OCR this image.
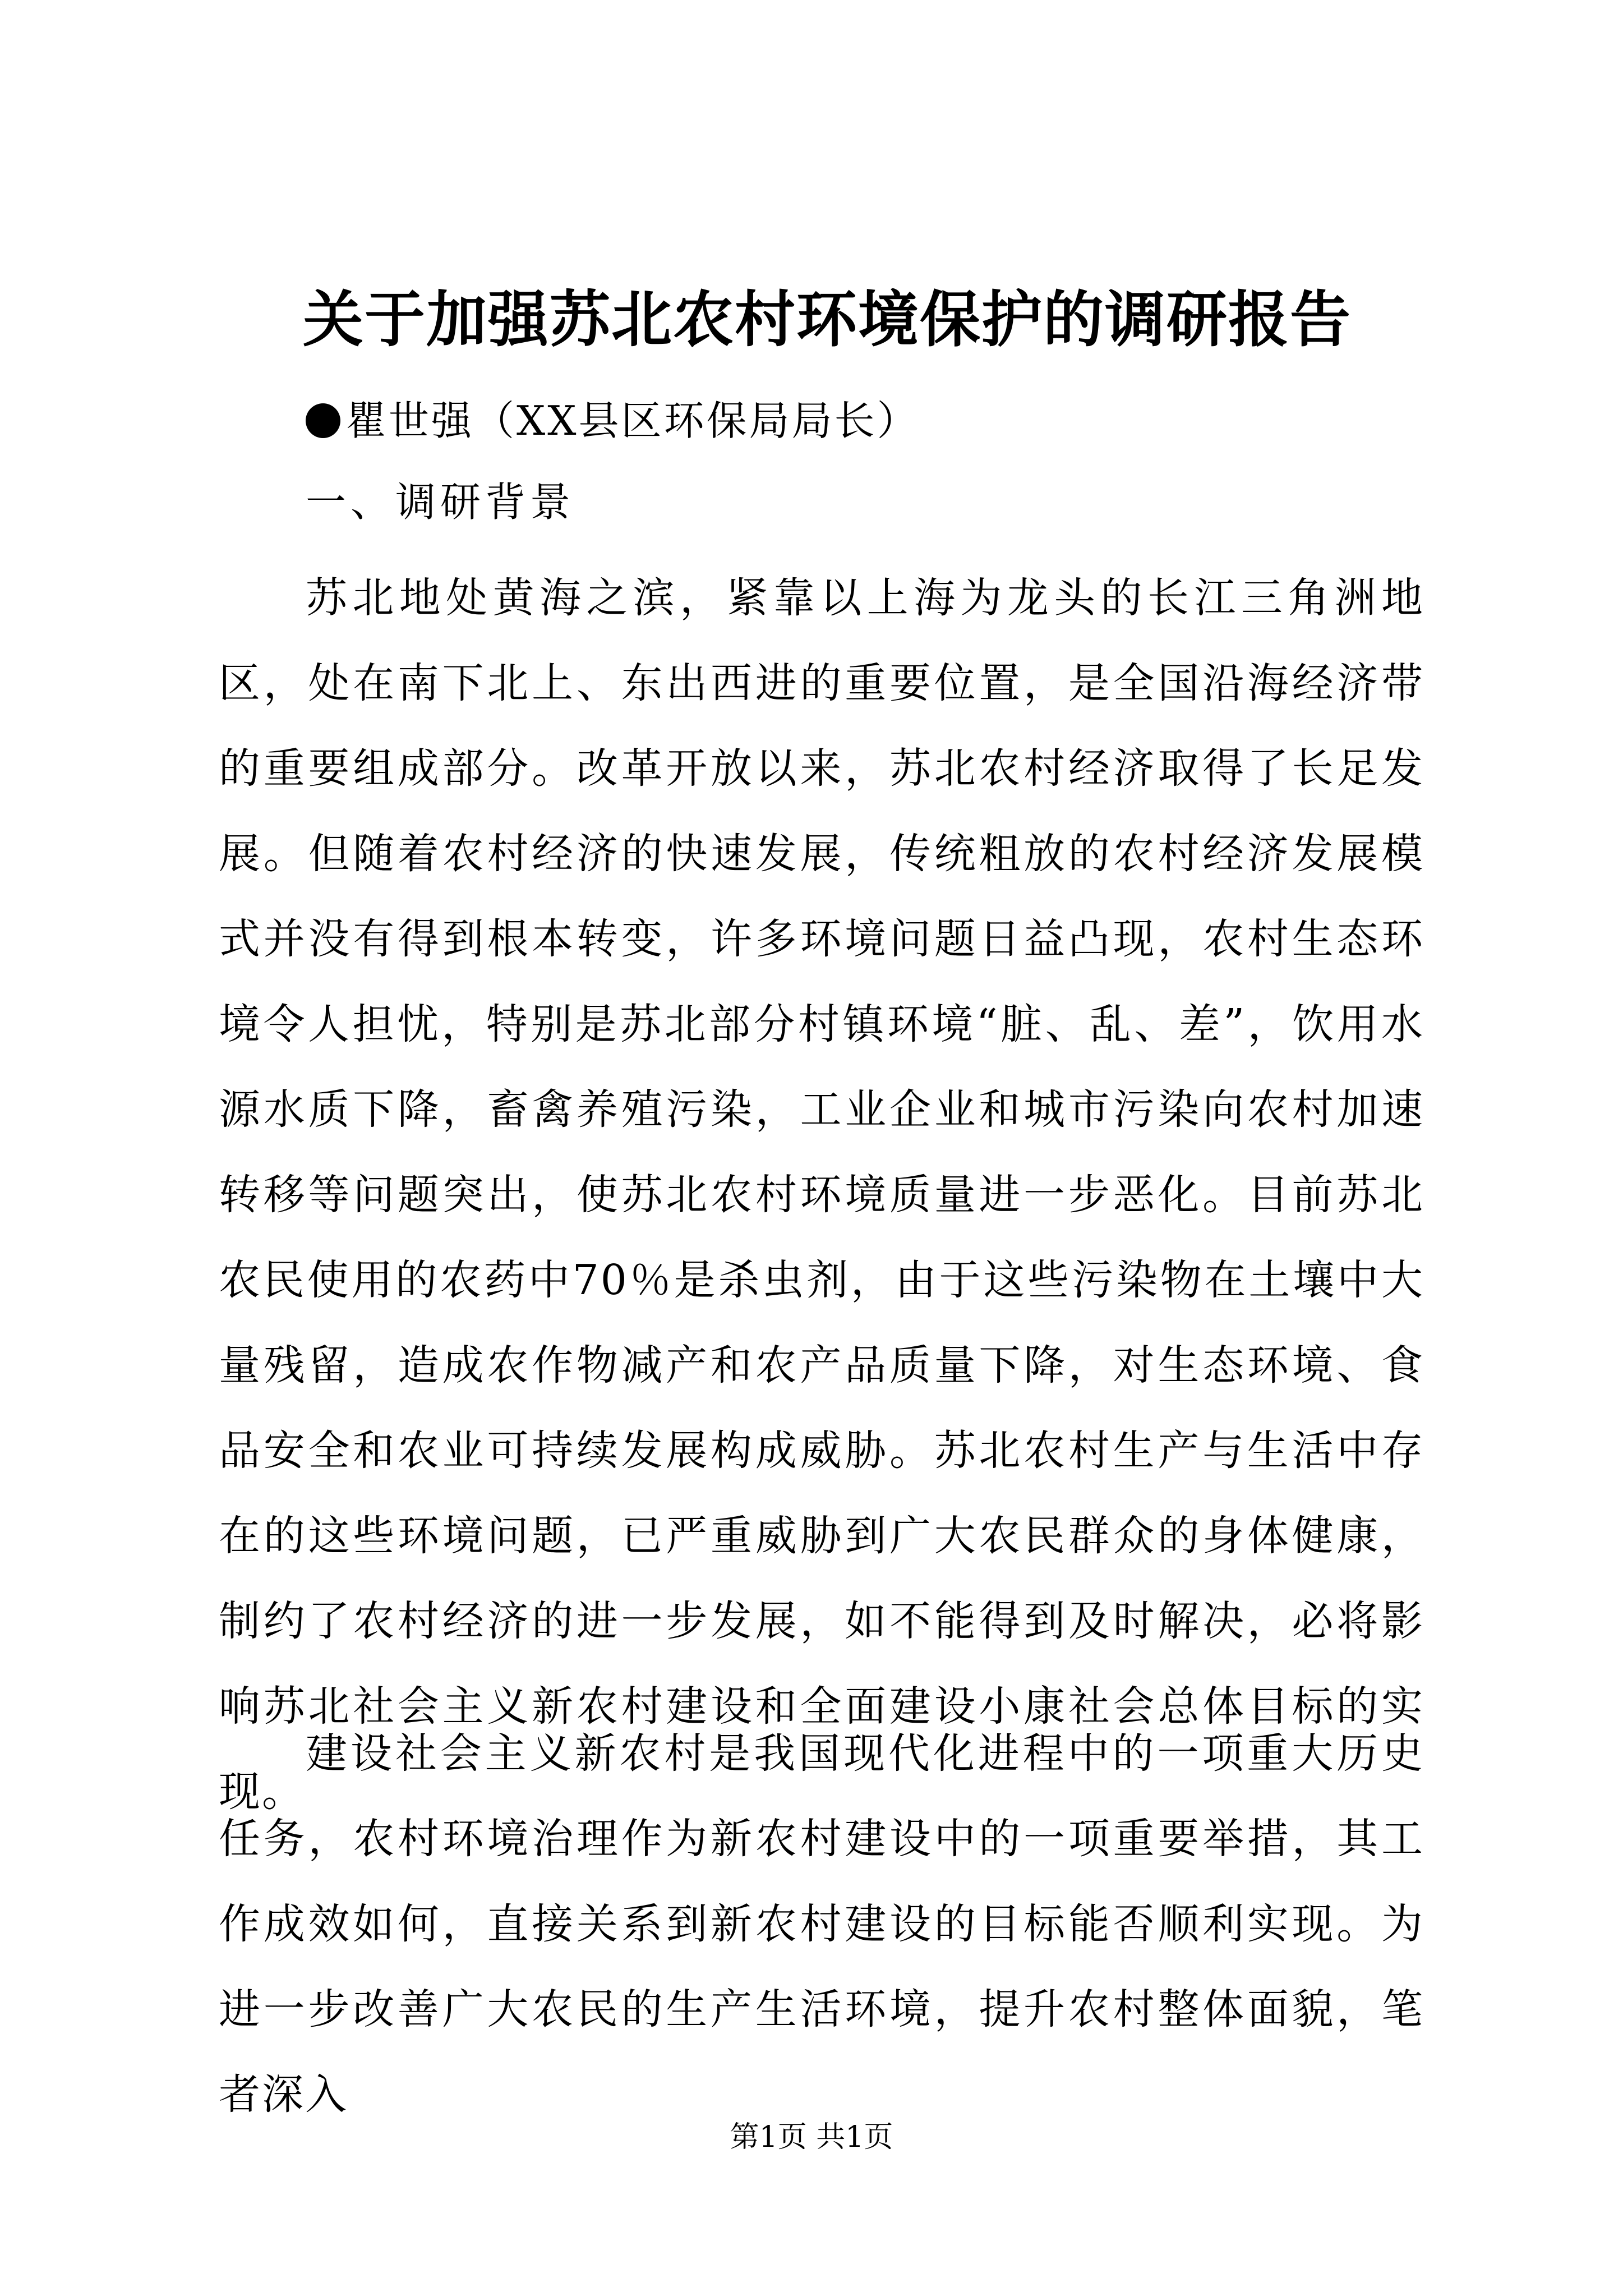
关于加强苏北农村环境保护的调研报告

瞿世强（XX县区环保局局长）

一、调研背景

苏北地处黄海之滨，紧靠以上海为龙头的长江三角洲地区，处在南下北上、东出西进的重要位置，是全国沿海经济带的重要组成部分。改革开放以来，苏北农村经济取得了长足发展。但随着农村经济的快速发展，传统粗放的农村经济发展模式并没有得到根本转变，许多环境问题日益凸现，农村生态环境令人担忧，特别是苏北部分村镇环境“脏、乱、差”，饮用水源水质下降，畜禽养殖污染，工业企业和城市污染向农村加速转移等问题突出，使苏北农村环境质量进一步恶化。目前苏北农民使用的农药中70％是杀虫剂，由于这些污染物在土壤中大量残留，造成农作物减产和农产品质量下降，对生态环境、食品安全和农业可持续发展构成威胁。苏北农村生产与生活中存在的这些环境问题，已严重威胁到广大农民群众的身体健康，制约了农村经济的进一步发展，如不能得到及时解决，必将影响苏北社会主义新农村建设和全面建设小康社会总体目标的实现。

建设社会主义新农村是我国现代化进程中的一项重大历史任务，农村环境治理作为新农村建设中的一项重要举措，其工作成效如何，直接关系到新农村建设的目标能否顺利实现。为进一步改善广大农民的生产生活环境，提升农村整体面貌，笔者深入

第1页 共1页
